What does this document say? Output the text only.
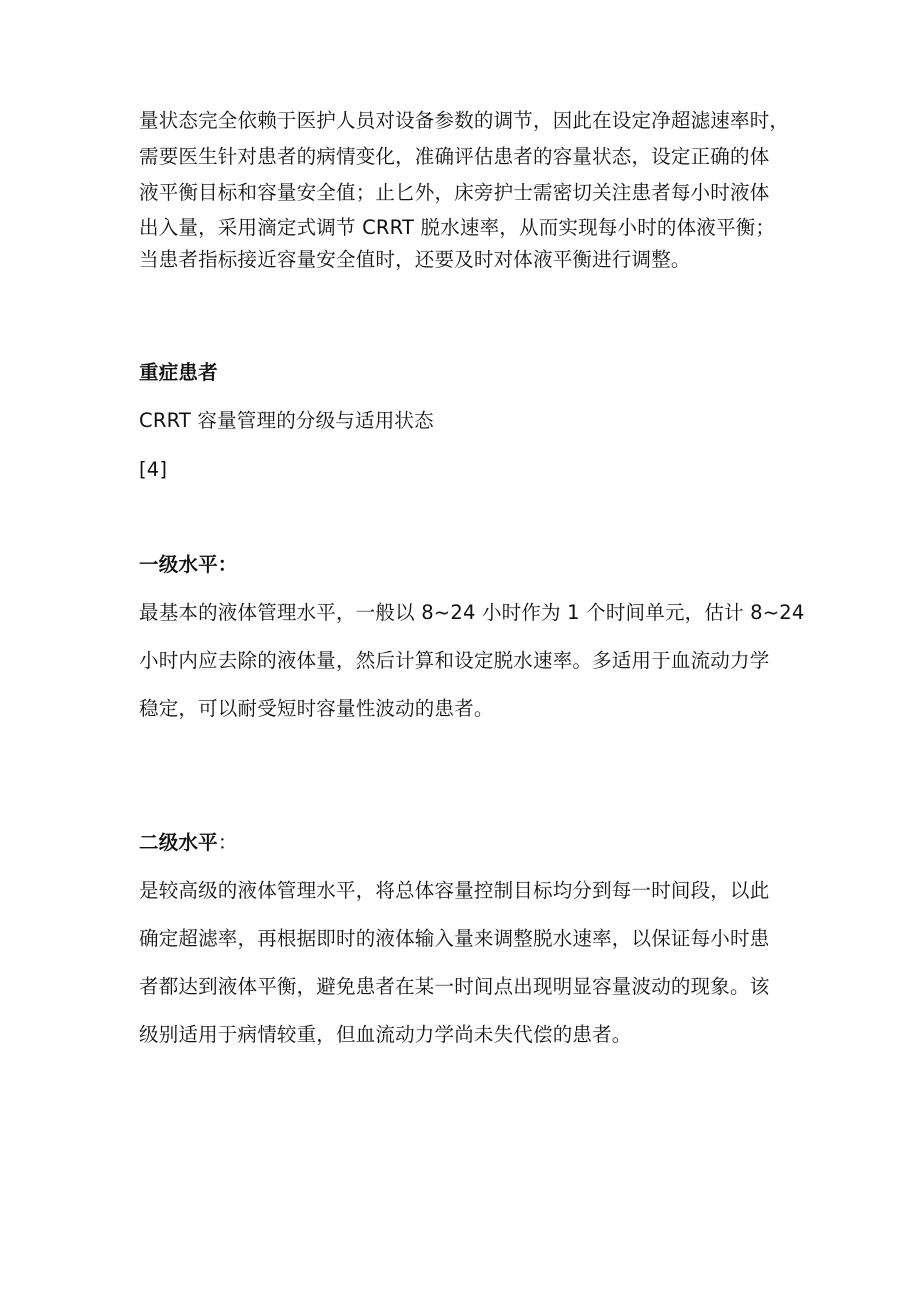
量状态完全依赖于医护人员对设备参数的调节，因此在设定净超滤速率时，
需要医生针对患者的病情变化，准确评估患者的容量状态，设定正确的体
液平衡目标和容量安全值；止匕外，床旁护士需密切关注患者每小时液体
出入量，采用滴定式调节 CRRT 脱水速率，从而实现每小时的体液平衡；
当患者指标接近容量安全值时，还要及时对体液平衡进行调整。
重症患者
CRRT 容量管理的分级与适用状态
[4]
一级水平：
最基本的液体管理水平，一般以 8~24 小时作为 1 个时间单元，估计 8~24
小时内应去除的液体量，然后计算和设定脱水速率。多适用于血流动力学
稳定，可以耐受短时容量性波动的患者。
二级水平：
是较高级的液体管理水平，将总体容量控制目标均分到每一时间段，以此
确定超滤率，再根据即时的液体输入量来调整脱水速率，以保证每小时患
者都达到液体平衡，避免患者在某一时间点出现明显容量波动的现象。该
级别适用于病情较重，但血流动力学尚未失代偿的患者。
